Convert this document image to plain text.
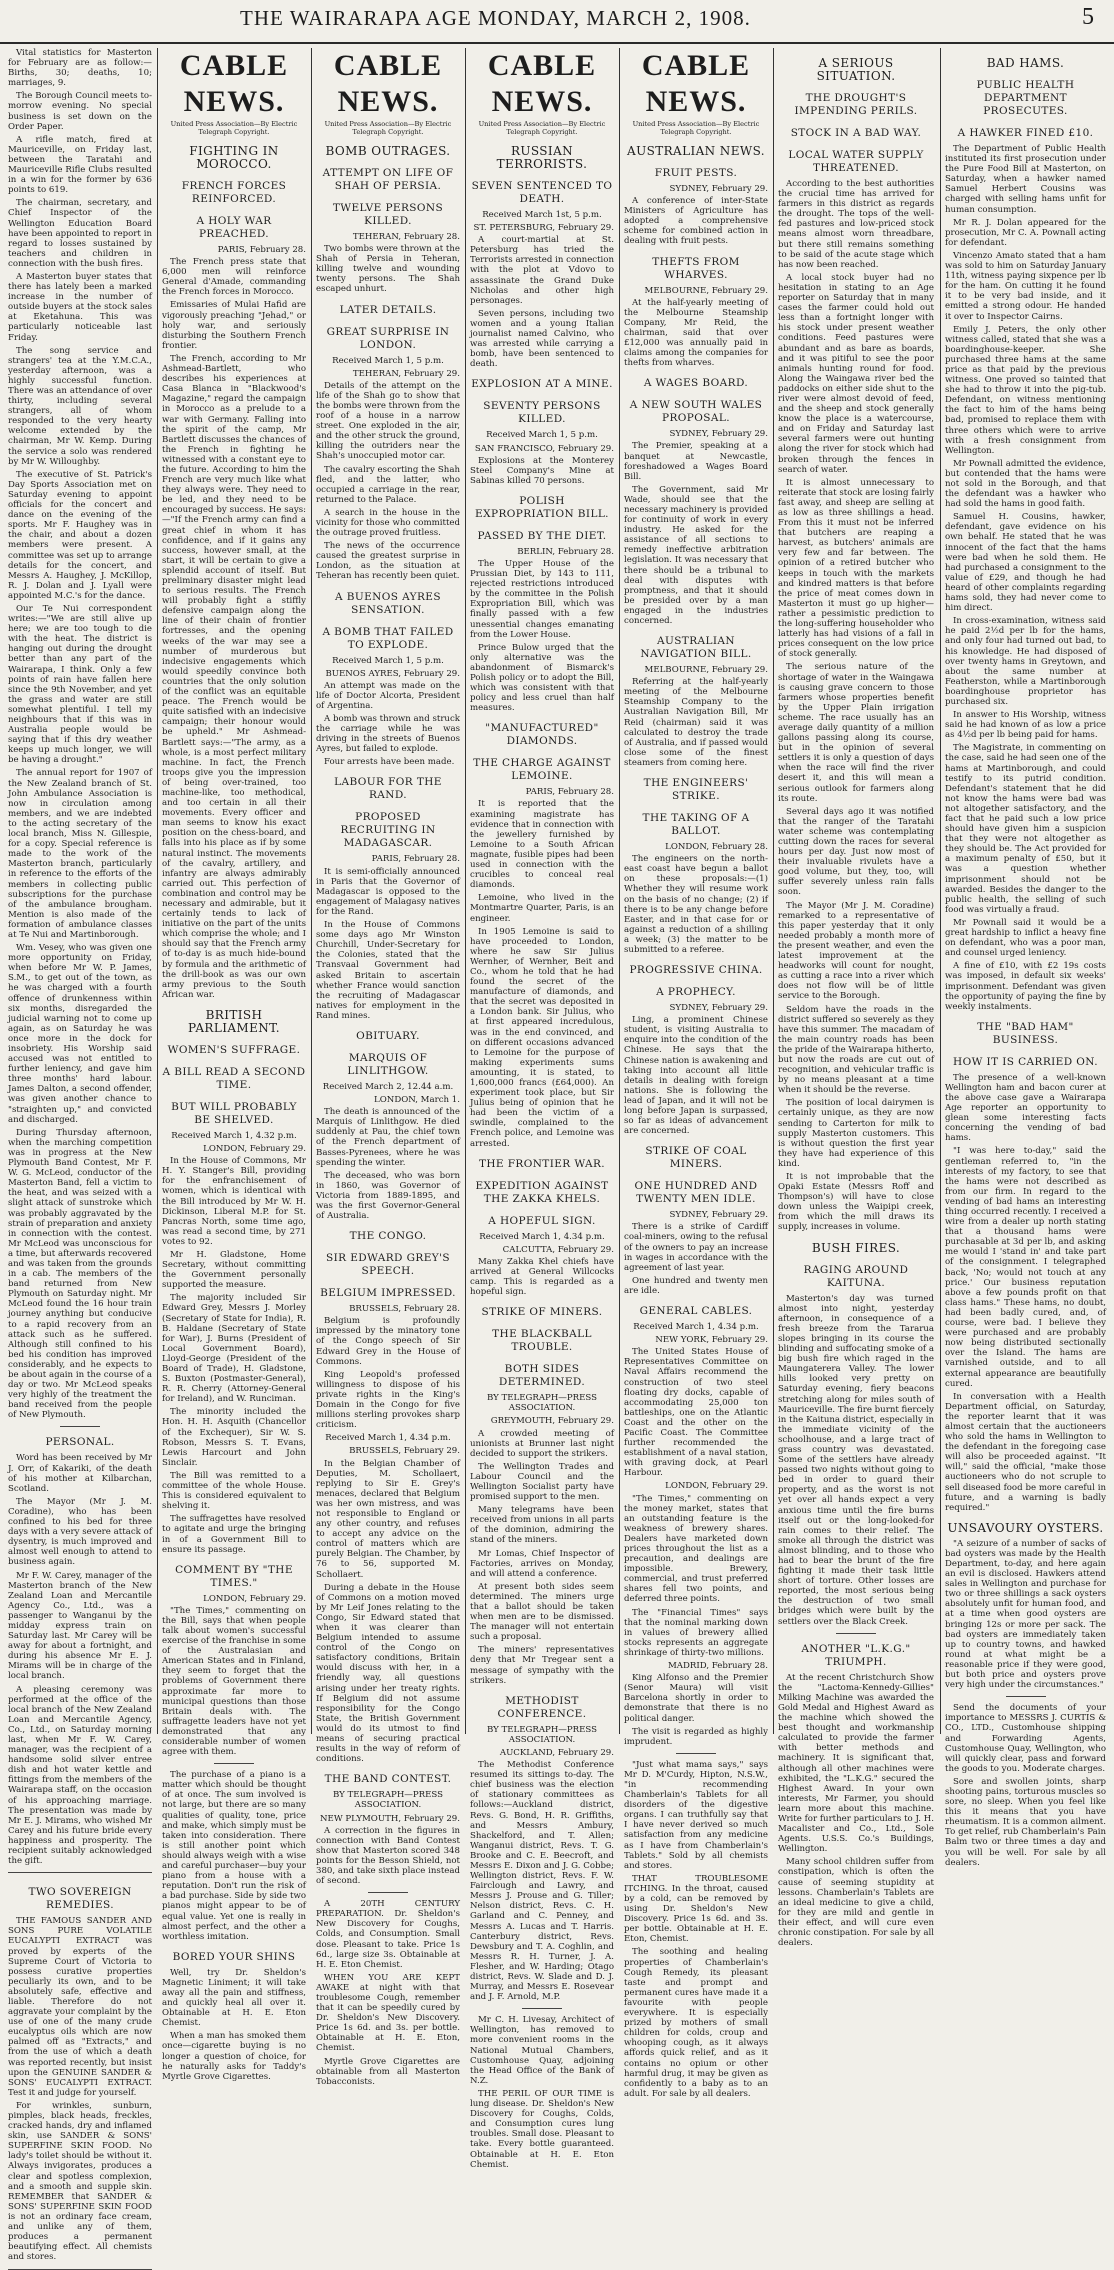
THE WAIRARAPA AGE MONDAY, MARCH 2, 1908.	5

Vital statistics for Masterton for February are as follow:—Births, 30; deaths, 10; marriages, 9.

The Borough Council meets to-morrow evening. No special business is set down on the Order Paper.

A rifle match, fired at Mauriceville, on Friday last, between the Taratahi and Mauriceville Rifle Clubs resulted in a win for the former by 636 points to 619.

The chairman, secretary, and Chief Inspector of the Wellington Education Board have been appointed to report in regard to losses sustained by teachers and children in connection with the bush fires.

A Masterton buyer states that there has lately been a marked increase in the number of outside buyers at the stock sales at Eketahuna. This was particularly noticeable last Friday.

The song service and strangers' tea at the Y.M.C.A., yesterday afternoon, was a highly successful function. There was an attendance of over thirty, including several strangers, all of whom responded to the very hearty welcome extended by the chairman, Mr W. Kemp. During the service a solo was rendered by Mr W. Willoughby.

The executive of St. Patrick's Day Sports Association met on Saturday evening to appoint officials for the concert and dance on the evening of the sports. Mr F. Haughey was in the chair, and about a dozen members were present. A committee was set up to arrange details for the concert, and Messrs A. Haughey, J. McKillop, R. J. Dolan and J. Lyall were appointed M.C.'s for the dance.

Our Te Nui correspondent writes:—"We are still alive up here; we are too tough to die with the heat. The district is hanging out during the drought better than any part of the Wairarapa, I think. Only a few points of rain have fallen here since the 9th November, and yet the grass and water are still somewhat plentiful. I tell my neighbours that if this was in Australia people would be saying that if this dry weather keeps up much longer, we will be having a drought."

The annual report for 1907 of the New Zealand branch of St. John Ambulance Association is now in circulation among members, and we are indebted to the acting secretary of the local branch, Miss N. Gillespie, for a copy. Special reference is made to the work of the Masterton branch, particularly in reference to the efforts of the members in collecting public subscriptions for the purchase of the ambulance brougham. Mention is also made of the formation of ambulance classes at Te Nui and Martinborough.

Wm. Vesey, who was given one more opportunity on Friday, when before Mr W. P. James, S.M., to get out of the town, as he was charged with a fourth offence of drunkenness within six months, disregarded the judicial warning not to come up again, as on Saturday he was once more in the dock for insobriety. His Worship said accused was not entitled to further leniency, and gave him three months' hard labour. James Dalton, a second offender, was given another chance to "straighten up," and convicted and discharged.

During Thursday afternoon, when the marching competition was in progress at the New Plymouth Band Contest, Mr F. W. G. McLeod, conductor of the Masterton Band, fell a victim to the heat, and was seized with a slight attack of sunstroke which was probably aggravated by the strain of preparation and anxiety in connection with the contest. Mr McLeod was unconscious for a time, but afterwards recovered and was taken from the grounds in a cab. The members of the band returned from New Plymouth on Saturday night. Mr McLeod found the 16 hour train journey anything but conducive to a rapid recovery from an attack such as he suffered. Although still confined to his bed his condition has improved considerably, and he expects to be about again in the course of a day or two. Mr McLeod speaks very highly of the treatment the band received from the people of New Plymouth.

PERSONAL.

Word has been received by Mr J. Orr, of Kakariki, of the death of his mother at Kilbarchan, Scotland.

The Mayor (Mr J. M. Coradine), who has been confined to his bed for three days with a very severe attack of dysentry, is much improved and almost well enough to attend to business again.

Mr F. W. Carey, manager of the Masterton branch of the New Zealand Loan and Mercantile Agency Co., Ltd., was a passenger to Wanganui by the midday express train on Saturday last. Mr Carey will be away for about a fortnight, and during his absence Mr E. J. Mirams will be in charge of the local branch.

A pleasing ceremony was performed at the office of the local branch of the New Zealand Loan and Mercantile Agency, Co., Ltd., on Saturday morning last, when Mr F. W. Carey, manager, was the recipient of a handsome solid silver entree dish and hot water kettle and fittings from the members of the Wairarapa staff, on the occasion of his approaching marriage. The presentation was made by Mr E. J. Mirams, who wished Mr Carey and his future bride every happiness and prosperity. The recipient suitably acknowledged the gift.

TWO SOVEREIGN REMEDIES.

THE FAMOUS SANDER AND SONS PURE VOLATILE EUCALYPTI EXTRACT was proved by experts of the Supreme Court of Victoria to possess curative properties peculiarly its own, and to be absolutely safe, effective and liable. Therefore do not aggravate your complaint by the use of one of the many crude eucalyptus oils which are now palmed off as "Extracts," and from the use of which a death was reported recently, but insist upon the GENUINE SANDER & SONS' EUCALYPTI EXTRACT. Test it and judge for yourself.

For wrinkles, sunburn, pimples, black heads, freckles, cracked hands, dry and inflamed skin, use SANDER & SONS' SUPERFINE SKIN FOOD. No lady's toilet should be without it. Always invigorates, produces a clear and spotless complexion, and a smooth and supple skin. REMEMBER that SANDER & SONS' SUPERFINE SKIN FOOD is not an ordinary face cream, and unlike any of them, produces a permanent beautifying effect. All chemists and stores.

CABLE NEWS.
United Press Association—By Electric Telegraph Copyright.
FIGHTING IN MOROCCO.
FRENCH FORCES REINFORCED.
A HOLY WAR PREACHED.
PARIS, February 28.

The French press state that 6,000 men will reinforce General d'Amade, commanding the French forces in Morocco.

Emissaries of Mulai Hafid are vigorously preaching "Jehad," or holy war, and seriously disturbing the Southern French frontier.

The French, according to Mr Ashmead-Bartlett, who describes his experiences at Casa Blanca in "Blackwood's Magazine," regard the campaign in Morocco as a prelude to a war with Germany. Falling into the spirit of the camp, Mr Bartlett discusses the chances of the French in fighting he witnessed with a constant eye to the future. According to him the French are very much like what they always were. They need to be led, and they need to be encouraged by success. He says:—"If the French army can find a great chief in whom it has confidence, and if it gains any success, however small, at the start, it will be certain to give a splendid account of itself. But preliminary disaster might lead to serious results. The French will probably fight a stiffly defensive campaign along the line of their chain of frontier fortresses, and the opening weeks of the war may see a number of murderous but indecisive engagements which would speedily convince both countries that the only solution of the conflict was an equitable peace. The French would be quite satisfied with an indecisive campaign; their honour would be upheld." Mr Ashmead-Bartlett says:—"The army, as a whole, is a most perfect military machine. In fact, the French troops give you the impression of being over-trained, too machine-like, too methodical, and too certain in all their movements. Every officer and man seems to know his exact position on the chess-board, and falls into his place as if by some natural instinct. The movements of the cavalry, artillery, and infantry are always admirably carried out. This perfection of combination and control may be necessary and admirable, but it certainly tends to lack of initiative on the part of the units which comprise the whole; and I should say that the French army of to-day is as much hide-bound by formula and the arithmetic of the drill-book as was our own army previous to the South African war.

BRITISH PARLIAMENT.
WOMEN'S SUFFRAGE.
A BILL READ A SECOND TIME.
BUT WILL PROBABLY BE SHELVED.
Received March 1, 4.32 p.m.
LONDON, February 29.

In the House of Commons, Mr H. Y. Stanger's Bill, providing for the enfranchisement of women, which is identical with the Bill introduced by Mr W. H. Dickinson, Liberal M.P. for St. Pancras North, some time ago, was read a second time, by 271 votes to 92.

Mr H. Gladstone, Home Secretary, without committing the Government personally supported the measure.

The majority included Sir Edward Grey, Messrs J. Morley (Secretary of State for India), R. B. Haldane (Secretary of State for War), J. Burns (President of Local Government Board), Lloyd-George (President of the Board of Trade), H. Gladstone, S. Buxton (Postmaster-General), R. R. Cherry (Attorney-General for Ireland), and W. Runciman.

The minority included the Hon. H. H. Asquith (Chancellor of the Exchequer), Sir W. S. Robson, Messrs S. T. Evans, Lewis Harcourt and John Sinclair.

The Bill was remitted to a committee of the whole House. This is considered equivalent to shelving it.

The suffragettes have resolved to agitate and urge the bringing in of a Government Bill to ensure its passage.

COMMENT BY "THE TIMES."
LONDON, February 29.

"The Times," commenting on the Bill, says that when people talk about women's successful exercise of the franchise in some of the Australasian and American States and in Finland, they seem to forget that the problems of Government there approximate far more to municipal questions than those Britain deals with. The suffragette leaders have not yet demonstrated that any considerable number of women agree with them.

The purchase of a piano is a matter which should be thought of at once. The sum involved is not large, but there are so many qualities of quality, tone, price and make, which simply must be taken into consideration. There is still another point which should always weigh with a wise and careful purchaser—buy your piano from a house with a reputation. Don't run the risk of a bad purchase. Side by side two pianos might appear to be of equal value. Yet one is really in almost perfect, and the other a worthless imitation.

BORED YOUR SHINS

Well, try Dr. Sheldon's Magnetic Liniment; it will take away all the pain and stiffness, and quickly heal all over it. Obtainable at H. E. Eton Chemist.

When a man has smoked them once—cigarette buying is no longer a question of choice, for he naturally asks for Taddy's Myrtle Grove Cigarettes.

CABLE NEWS.
United Press Association—By Electric Telegraph Copyright.
BOMB OUTRAGES.
ATTEMPT ON LIFE OF SHAH OF PERSIA.
TWELVE PERSONS KILLED.
TEHERAN, February 28.

Two bombs were thrown at the Shah of Persia in Teheran, killing twelve and wounding twenty persons. The Shah escaped unhurt.

LATER DETAILS.
GREAT SURPRISE IN LONDON.
Received March 1, 5 p.m.
TEHERAN, February 29.

Details of the attempt on the life of the Shah go to show that the bombs were thrown from the roof of a house in a narrow street. One exploded in the air, and the other struck the ground, killing the outriders near the Shah's unoccupied motor car.

The cavalry escorting the Shah fled, and the latter, who occupied a carriage in the rear, returned to the Palace.

A search in the house in the vicinity for those who committed the outrage proved fruitless.

The news of the occurrence caused the greatest surprise in London, as the situation at Teheran has recently been quiet.

A BUENOS AYRES SENSATION.
A BOMB THAT FAILED TO EXPLODE.
Received March 1, 5 p.m.
BUENOS AYRES, February 29.

An attempt was made on the life of Doctor Alcorta, President of Argentina.

A bomb was thrown and struck the carriage while he was driving in the streets of Buenos Ayres, but failed to explode.

Four arrests have been made.

LABOUR FOR THE RAND.
PROPOSED RECRUITING IN MADAGASCAR.
PARIS, February 28.

It is semi-officially announced in Paris that the Governor of Madagascar is opposed to the engagement of Malagasy natives for the Rand.

In the House of Commons some days ago Mr Winston Churchill, Under-Secretary for the Colonies, stated that the Transvaal Government had asked Britain to ascertain whether France would sanction the recruiting of Madagascar natives for employment in the Rand mines.

OBITUARY.
MARQUIS OF LINLITHGOW.
Received March 2, 12.44 a.m.
LONDON, March 1.

The death is announced of the Marquis of Linlithgow. He died suddenly at Pau, the chief town of the French department of Basses-Pyrenees, where he was spending the winter.

The deceased, who was born in 1860, was Governor of Victoria from 1889-1895, and was the first Governor-General of Australia.

THE CONGO.
SIR EDWARD GREY'S SPEECH.
BELGIUM IMPRESSED.
BRUSSELS, February 28.

Belgium is profoundly impressed by the minatory tone of the Congo speech of Sir Edward Grey in the House of Commons.

King Leopold's professed willingness to dispose of his private rights in the King's Domain in the Congo for five millions sterling provokes sharp criticism.

Received March 1, 4.34 p.m.
BRUSSELS, February 29.

In the Belgian Chamber of Deputies, M. Schollaert, replying to Sir E. Grey's menaces, declared that Belgium was her own mistress, and was not responsible to England or any other country, and refuses to accept any advice on the control of matters which are purely Belgian. The Chamber, by 76 to 56, supported M. Schollaert.

During a debate in the House of Commons on a motion moved by Mr Leif Jones relating to the Congo, Sir Edward stated that when it was clearer than Belgium intended to assume control of the Congo on satisfactory conditions, Britain would discuss with her, in a friendly way, all questions arising under her treaty rights. If Belgium did not assume responsibility for the Congo State, the British Government would do its utmost to find means of securing practical results in the way of reform of conditions.

THE BAND CONTEST.
BY TELEGRAPH—PRESS ASSOCIATION.
NEW PLYMOUTH, February 29.

A correction in the figures in connection with Band Contest show that Masterton scored 348 points for the Besson Shield, not 380, and take sixth place instead of second.

A 20TH CENTURY PREPARATION. Dr. Sheldon's New Discovery for Coughs, Colds, and Consumption. Small dose. Pleasant to take. Price 1s 6d., large size 3s. Obtainable at H. E. Eton Chemist.

WHEN YOU ARE KEPT AWAKE at night with that troublesome Cough, remember that it can be speedily cured by Dr. Sheldon's New Discovery. Price 1s 6d. and 3s. per bottle. Obtainable at H. E. Eton, Chemist.

Myrtle Grove Cigarettes are obtainable from all Masterton Tobacconists.

CABLE NEWS.
United Press Association—By Electric Telegraph Copyright.
RUSSIAN TERRORISTS.
SEVEN SENTENCED TO DEATH.
Received March 1st, 5 p.m.
ST. PETERSBURG, February 29.

A court-martial at St. Petersburg has tried the Terrorists arrested in connection with the plot at Vdovo to assassinate the Grand Duke Nicholas and other high personages.

Seven persons, including two women and a young Italian journalist named Calvino, who was arrested while carrying a bomb, have been sentenced to death.

EXPLOSION AT A MINE.
SEVENTY PERSONS KILLED.
Received March 1, 5 p.m.
SAN FRANCISCO, February 29.

Explosions at the Monterey Steel Company's Mine at Sabinas killed 70 persons.

POLISH EXPROPRIATION BILL.
PASSED BY THE DIET.
BERLIN, February 28.

The Upper House of the Prussian Diet, by 143 to 111, rejected restrictions introduced by the committee in the Polish Expropriation Bill, which was finally passed with a few unessential changes emanating from the Lower House.

Prince Bulow urged that the only alternative was the abandonment of Bismarck's Polish policy or to adopt the Bill, which was consistent with that policy and less cruel than half measures.

"MANUFACTURED" DIAMONDS.
THE CHARGE AGAINST LEMOINE.
PARIS, February 28.

It is reported that the examining magistrate has evidence that in connection with the jewellery furnished by Lemoine to a South African magnate, fusible pipes had been used in connection with the crucibles to conceal real diamonds.

Lemoine, who lived in the Montmartre Quarter, Paris, is an engineer.

In 1905 Lemoine is said to have proceeded to London, where he saw Sir Julius Wernher, of Wernher, Beit and Co., whom he told that he had found the secret of the manufacture of diamonds, and that the secret was deposited in a London bank. Sir Julius, who at first appeared incredulous, was in the end convinced, and on different occasions advanced to Lemoine for the purpose of making experiments sums amounting, it is stated, to 1,600,000 francs (£64,000). An experiment took place, but Sir Julius being of opinion that he had been the victim of a swindle, complained to the French police, and Lemoine was arrested.

THE FRONTIER WAR.
EXPEDITION AGAINST THE ZAKKA KHELS.
A HOPEFUL SIGN.
Received March 1, 4.34 p.m.
CALCUTTA, February 29.

Many Zakka Khel chiefs have arrived at General Willcocks camp. This is regarded as a hopeful sign.

STRIKE OF MINERS.
THE BLACKBALL TROUBLE.
BOTH SIDES DETERMINED.
BY TELEGRAPH—PRESS ASSOCIATION.
GREYMOUTH, February 29.

A crowded meeting of unionists at Brunner last night decided to support the strikers.

The Wellington Trades and Labour Council and the Wellington Socialist party have promised support to the men.

Many telegrams have been received from unions in all parts of the dominion, admiring the stand of the miners.

Mr Lomas, Chief Inspector of Factories, arrives on Monday, and will attend a conference.

At present both sides seem determined. The miners urge that a ballot should be taken when men are to be dismissed. The manager will not entertain such a proposal.

The miners' representatives deny that Mr Tregear sent a message of sympathy with the strikers.

METHODIST CONFERENCE.
BY TELEGRAPH—PRESS ASSOCIATION.
AUCKLAND, February 29.

The Methodist Conference resumed its sittings to-day. The chief business was the election of stationary committees as follows:—Auckland district, Revs. G. Bond, H. R. Griffiths, and Messrs Ambury, Shackelford, and T. Allen; Wanganui district, Revs. T. G. Brooke and C. E. Beecroft, and Messrs E. Dixon and J. G. Cobbe; Wellington district, Revs. F. W. Fairclough and Lawry, and Messrs J. Prouse and G. Tiller; Nelson district, Revs. C. H. Garland and C. Penney, and Messrs A. Lucas and T. Harris. Canterbury district, Revs. Dewsbury and T. A. Coghlin, and Messrs R. H. Turner, J. A. Flesher, and W. Harding; Otago district, Revs. W. Slade and D. J. Murray, and Messrs E. Rosevear and J. F. Arnold, M.P.

Mr C. H. Livesay, Architect of Wellington, has removed to more convenient rooms in the National Mutual Chambers, Customhouse Quay, adjoining the Head Office of the Bank of N.Z.

THE PERIL OF OUR TIME is lung disease. Dr. Sheldon's New Discovery for Coughs, Colds, and Consumption cures lung troubles. Small dose. Pleasant to take. Every bottle guaranteed. Obtainable at H. E. Eton Chemist.

CABLE NEWS.
United Press Association—By Electric Telegraph Copyright.
AUSTRALIAN NEWS.
FRUIT PESTS.
SYDNEY, February 29.

A conference of inter-State Ministers of Agriculture has adopted a comprehensive scheme for combined action in dealing with fruit pests.

THEFTS FROM WHARVES.
MELBOURNE, February 29.

At the half-yearly meeting of the Melbourne Steamship Company, Mr Reid, the chairman, said that over £12,000 was annually paid in claims among the companies for thefts from wharves.

A WAGES BOARD.
A NEW SOUTH WALES PROPOSAL.
SYDNEY, February 29.

The Premier, speaking at a banquet at Newcastle, foreshadowed a Wages Board Bill.

The Government, said Mr Wade, should see that the necessary machinery is provided for continuity of work in every industry. He asked for the assistance of all sections to remedy ineffective arbitration legislation. It was necessary that there should be a tribunal to deal with disputes with promptness, and that it should be presided over by a man engaged in the industries concerned.

AUSTRALIAN NAVIGATION BILL.
MELBOURNE, February 29.

Referring at the half-yearly meeting of the Melbourne Steamship Company to the Australian Navigation Bill, Mr Reid (chairman) said it was calculated to destroy the trade of Australia, and if passed would close some of the finest steamers from coming here.

THE ENGINEERS' STRIKE.
THE TAKING OF A BALLOT.
LONDON, February 28.

The engineers on the north-east coast have begun a ballot on these proposals:—(1) Whether they will resume work on the basis of no change; (2) if there is to be any change before Easter, and in that case for or against a reduction of a shilling a week; (3) the matter to be submitted to a referee.

PROGRESSIVE CHINA.
A PROPHECY.
SYDNEY, February 29.

Ling, a prominent Chinese student, is visiting Australia to enquire into the condition of the Chinese. He says that the Chinese nation is awakening and taking into account all little details in dealing with foreign nations. She is following the lead of Japan, and it will not be long before Japan is surpassed, so far as ideas of advancement are concerned.

STRIKE OF COAL MINERS.
ONE HUNDRED AND TWENTY MEN IDLE.
SYDNEY, February 29.

There is a strike of Cardiff coal-miners, owing to the refusal of the owners to pay an increase in wages in accordance with the agreement of last year.

One hundred and twenty men are idle.

GENERAL CABLES.
Received March 1, 4.34 p.m.
NEW YORK, February 29.

The United States House of Representatives Committee on Naval Affairs recommend the construction of two steel floating dry docks, capable of accommodating 25,000 ton battleships, one on the Atlantic Coast and the other on the Pacific Coast. The Committee further recommended the establishment of a naval station, with graving dock, at Pearl Harbour.

LONDON, February 29.

"The Times," commenting on the money market, states that an outstanding feature is the weakness of brewery shares. Dealers have marketed down prices throughout the list as a precaution, and dealings are impossible. Brewery, commercial, and trust preferred shares fell two points, and deferred three points.

The "Financial Times" says that the nominal marking down in values of brewery allied stocks represents an aggregate shrinkage of thirty-two millions.

MADRID, February 28.

King Alfonso and the Premier (Senor Maura) will visit Barcelona shortly in order to demonstrate that there is no political danger.

The visit is regarded as highly imprudent.

"Just what mama says," says Mr D. M'Curdy, Hipton, N.S.W., "in recommending Chamberlain's Tablets for all disorders of the digestive organs. I can truthfully say that I have never derived so much satisfaction from any medicine as I have from Chamberlain's Tablets." Sold by all chemists and stores.

THAT TROUBLESOME ITCHING. In the throat, caused by a cold, can be removed by using Dr. Sheldon's New Discovery. Price 1s 6d. and 3s. per bottle. Obtainable at H. E. Eton, Chemist.

The soothing and healing properties of Chamberlain's Cough Remedy, its pleasant taste and prompt and permanent cures have made it a favourite with people everywhere. It is especially prized by mothers of small children for colds, croup and whooping cough, as it always affords quick relief, and as it contains no opium or other harmful drug, it may be given as confidently to a baby as to an adult. For sale by all dealers.

A SERIOUS SITUATION.
THE DROUGHT'S IMPENDING PERILS.
STOCK IN A BAD WAY.
LOCAL WATER SUPPLY THREATENED.

According to the best authorities the crucial time has arrived for farmers in this district as regards the drought. The tops of the well-fed pastures and low-priced stock means almost worn threadbare, but there still remains something to be said of the acute stage which has now been reached.

A local stock buyer had no hesitation in stating to an Age reporter on Saturday that in many cases the farmer could hold out less than a fortnight longer with his stock under present weather conditions. Feed pastures were abundant and as bare as boards, and it was pitiful to see the poor animals hunting round for food. Along the Waingawa river bed the paddocks on either side shut to the river were almost devoid of feed, and the sheep and stock generally know the place is a watercourse, and on Friday and Saturday last several farmers were out hunting along the river for stock which had broken through the fences in search of water.

It is almost unnecessary to reiterate that stock are losing fairly fast away, and sheep are selling at as low as three shillings a head. From this it must not be inferred that butchers are reaping a harvest, as butchers' animals are very few and far between. The opinion of a retired butcher who keeps in touch with the markets and kindred matters is that before the price of meat comes down in Masterton it must go up higher—rather a pessimistic prediction to the long-suffering householder who latterly has had visions of a fall in prices consequent on the low price of stock generally.

The serious nature of the shortage of water in the Waingawa is causing grave concern to those farmers whose properties benefit by the Upper Plain irrigation scheme. The race usually has an average daily quantity of a million gallons passing along its course, but in the opinion of several settlers it is only a question of days when the race will find the river desert it, and this will mean a serious outlook for farmers along its route.

Several days ago it was notified that the ranger of the Taratahi water scheme was contemplating cutting down the races for several hours per day. Just now most of their invaluable rivulets have a good volume, but they, too, will suffer severely unless rain falls soon.

The Mayor (Mr J. M. Coradine) remarked to a representative of this paper yesterday that it only needed probably a month more of the present weather, and even the latest improvement at the headworks will count for nought, as cutting a race into a river which does not flow will be of little service to the Borough.

Seldom have the roads in the district suffered so severely as they have this summer. The macadam of the main country roads has been the pride of the Wairarapa hitherto, but now the roads are cut out of recognition, and vehicular traffic is by no means pleasant at a time when it should be the reverse.

The position of local dairymen is certainly unique, as they are now sending to Carterton for milk to supply Masterton customers. This is without question the first year they have had experience of this kind.

It is not improbable that the Opaki Estate (Messrs Roff and Thompson's) will have to close down unless the Waipipi creek, from which the mill draws its supply, increases in volume.

BUSH FIRES.
RAGING AROUND KAITUNA.

Masterton's day was turned almost into night, yesterday afternoon, in consequence of a fresh breeze from the Tararua slopes bringing in its course the blinding and suffocating smoke of a big bush fire which raged in the Maungaterera Valley. The lower hills looked very pretty on Saturday evening, fiery beacons stretching along for miles south of Mauriceville. The fire burnt fiercely in the Kaituna district, especially in the immediate vicinity of the schoolhouse, and a large tract of grass country was devastated. Some of the settlers have already passed two nights without going to bed in order to guard their property, and as the worst is not yet over all hands expect a very anxious time until the fire burns itself out or the long-looked-for rain comes to their relief. The smoke all through the district was almost blinding, and to those who had to bear the brunt of the fire fighting it made their task little short of torture. Other losses are reported, the most serious being the destruction of two small bridges which were built by the settlers over the Black Creek.

ANOTHER "L.K.G." TRIUMPH.

At the recent Christchurch Show the "Lactoma-Kennedy-Gillies" Milking Machine was awarded the Gold Medal and Highest Award as the machine which showed the best thought and workmanship calculated to provide the farmer with better methods and machinery. It is significant that, although all other machines were exhibited, the "L.K.G." secured the Highest Award. In your own interests, Mr Farmer, you should learn more about this machine. Write for further particulars to J. H. Macalister and Co., Ltd., Sole Agents. U.S.S. Co.'s Buildings, Wellington.

Many school children suffer from constipation, which is often the cause of seeming stupidity at lessons. Chamberlain's Tablets are an ideal medicine to give a child, for they are mild and gentle in their effect, and will cure even chronic constipation. For sale by all dealers.

BAD HAMS.
PUBLIC HEALTH DEPARTMENT PROSECUTES.
A HAWKER FINED £10.

The Department of Public Health instituted its first prosecution under the Pure Food Bill at Masterton, on Saturday, when a hawker named Samuel Herbert Cousins was charged with selling hams unfit for human consumption.

Mr R. J. Dolan appeared for the prosecution, Mr C. A. Pownall acting for defendant.

Vincenzo Amato stated that a ham was sold to him on Saturday January 11th, witness paying sixpence per lb for the ham. On cutting it he found it to be very bad inside, and it emitted a strong odour. He handed it over to Inspector Cairns.

Emily J. Peters, the only other witness called, stated that she was a boardinghouse-keeper. She purchased three hams at the same price as that paid by the previous witness. One proved so tainted that she had to throw it into the pig-tub. Defendant, on witness mentioning the fact to him of the hams being bad, promised to replace them with three others which were to arrive with a fresh consignment from Wellington.

Mr Pownall admitted the evidence, but contended that the hams were not sold in the Borough, and that the defendant was a hawker who had sold the hams in good faith.

Samuel H. Cousins, hawker, defendant, gave evidence on his own behalf. He stated that he was innocent of the fact that the hams were bad when he sold them. He had purchased a consignment to the value of £29, and though he had heard of other complaints regarding hams sold, they had never come to him direct.

In cross-examination, witness said he paid 2½d per lb for the hams, and only four had turned out bad, to his knowledge. He had disposed of over twenty hams in Greytown, and about the same number at Featherston, while a Martinborough boardinghouse proprietor has purchased six.

In answer to His Worship, witness said he had known of as low a price as 4½d per lb being paid for hams.

The Magistrate, in commenting on the case, said he had seen one of the hams at Martinborough, and could testify to its putrid condition. Defendant's statement that he did not know the hams were bad was not altogether satisfactory, and the fact that he paid such a low price should have given him a suspicion that they were not altogether as they should be. The Act provided for a maximum penalty of £50, but it was a question whether imprisonment should not be awarded. Besides the danger to the public health, the selling of such food was virtually a fraud.

Mr Pownall said it would be a great hardship to inflict a heavy fine on defendant, who was a poor man, and counsel urged leniency.

A fine of £10, with £2 19s costs was imposed, in default six weeks' imprisonment. Defendant was given the opportunity of paying the fine by weekly instalments.

THE "BAD HAM" BUSINESS.
HOW IT IS CARRIED ON.

The presence of a well-known Wellington ham and bacon curer at the above case gave a Wairarapa Age reporter an opportunity to glean some interesting facts concerning the vending of bad hams.

"I was here to-day," said the gentleman referred to, "in the interests of my factory, to see that the hams were not described as from our firm. In regard to the vending of bad hams an interesting thing occurred recently. I received a wire from a dealer up north stating that a thousand hams were purchasable at 3d per lb, and asking me would I 'stand in' and take part of the consignment. I telegraphed back, 'No; would not touch at any price.' Our business reputation above a few pounds profit on that class hams." These hams, no doubt, had been badly cured, and, of course, were bad. I believe they were purchased and are probably now being distributed sectionally over the Island. The hams are varnished outside, and to all external appearance are beautifully cured.

In conversation with a Health Department official, on Saturday, the reporter learnt that it was almost certain that the auctioneers who sold the hams in Wellington to the defendant in the foregoing case will also be proceeded against. "It will," said the official, "make those auctioneers who do not scruple to sell diseased food be more careful in future, and a warning is badly required."

UNSAVOURY OYSTERS.

"A seizure of a number of sacks of bad oysters was made by the Health Department, to-day, and here again an evil is disclosed. Hawkers attend sales in Wellington and purchase for two or three shillings a sack oysters absolutely unfit for human food, and at a time when good oysters are bringing 12s or more per sack. The bad oysters are immediately taken up to country towns, and hawked round at what might be a reasonable price if they were good, but both price and oysters prove very high under the circumstances."

Send the documents of your importance to MESSRS J. CURTIS & CO., LTD., Customhouse shipping and Forwarding Agents, Customhouse Quay, Wellington, who will quickly clear, pass and forward the goods to you. Moderate charges.

Sore and swollen joints, sharp shooting pains, torturous muscles so sore, no sleep. When you feel like this it means that you have rheumatism. It is a common ailment. To get relief, rub Chamberlain's Pain Balm two or three times a day and you will be well. For sale by all dealers.
